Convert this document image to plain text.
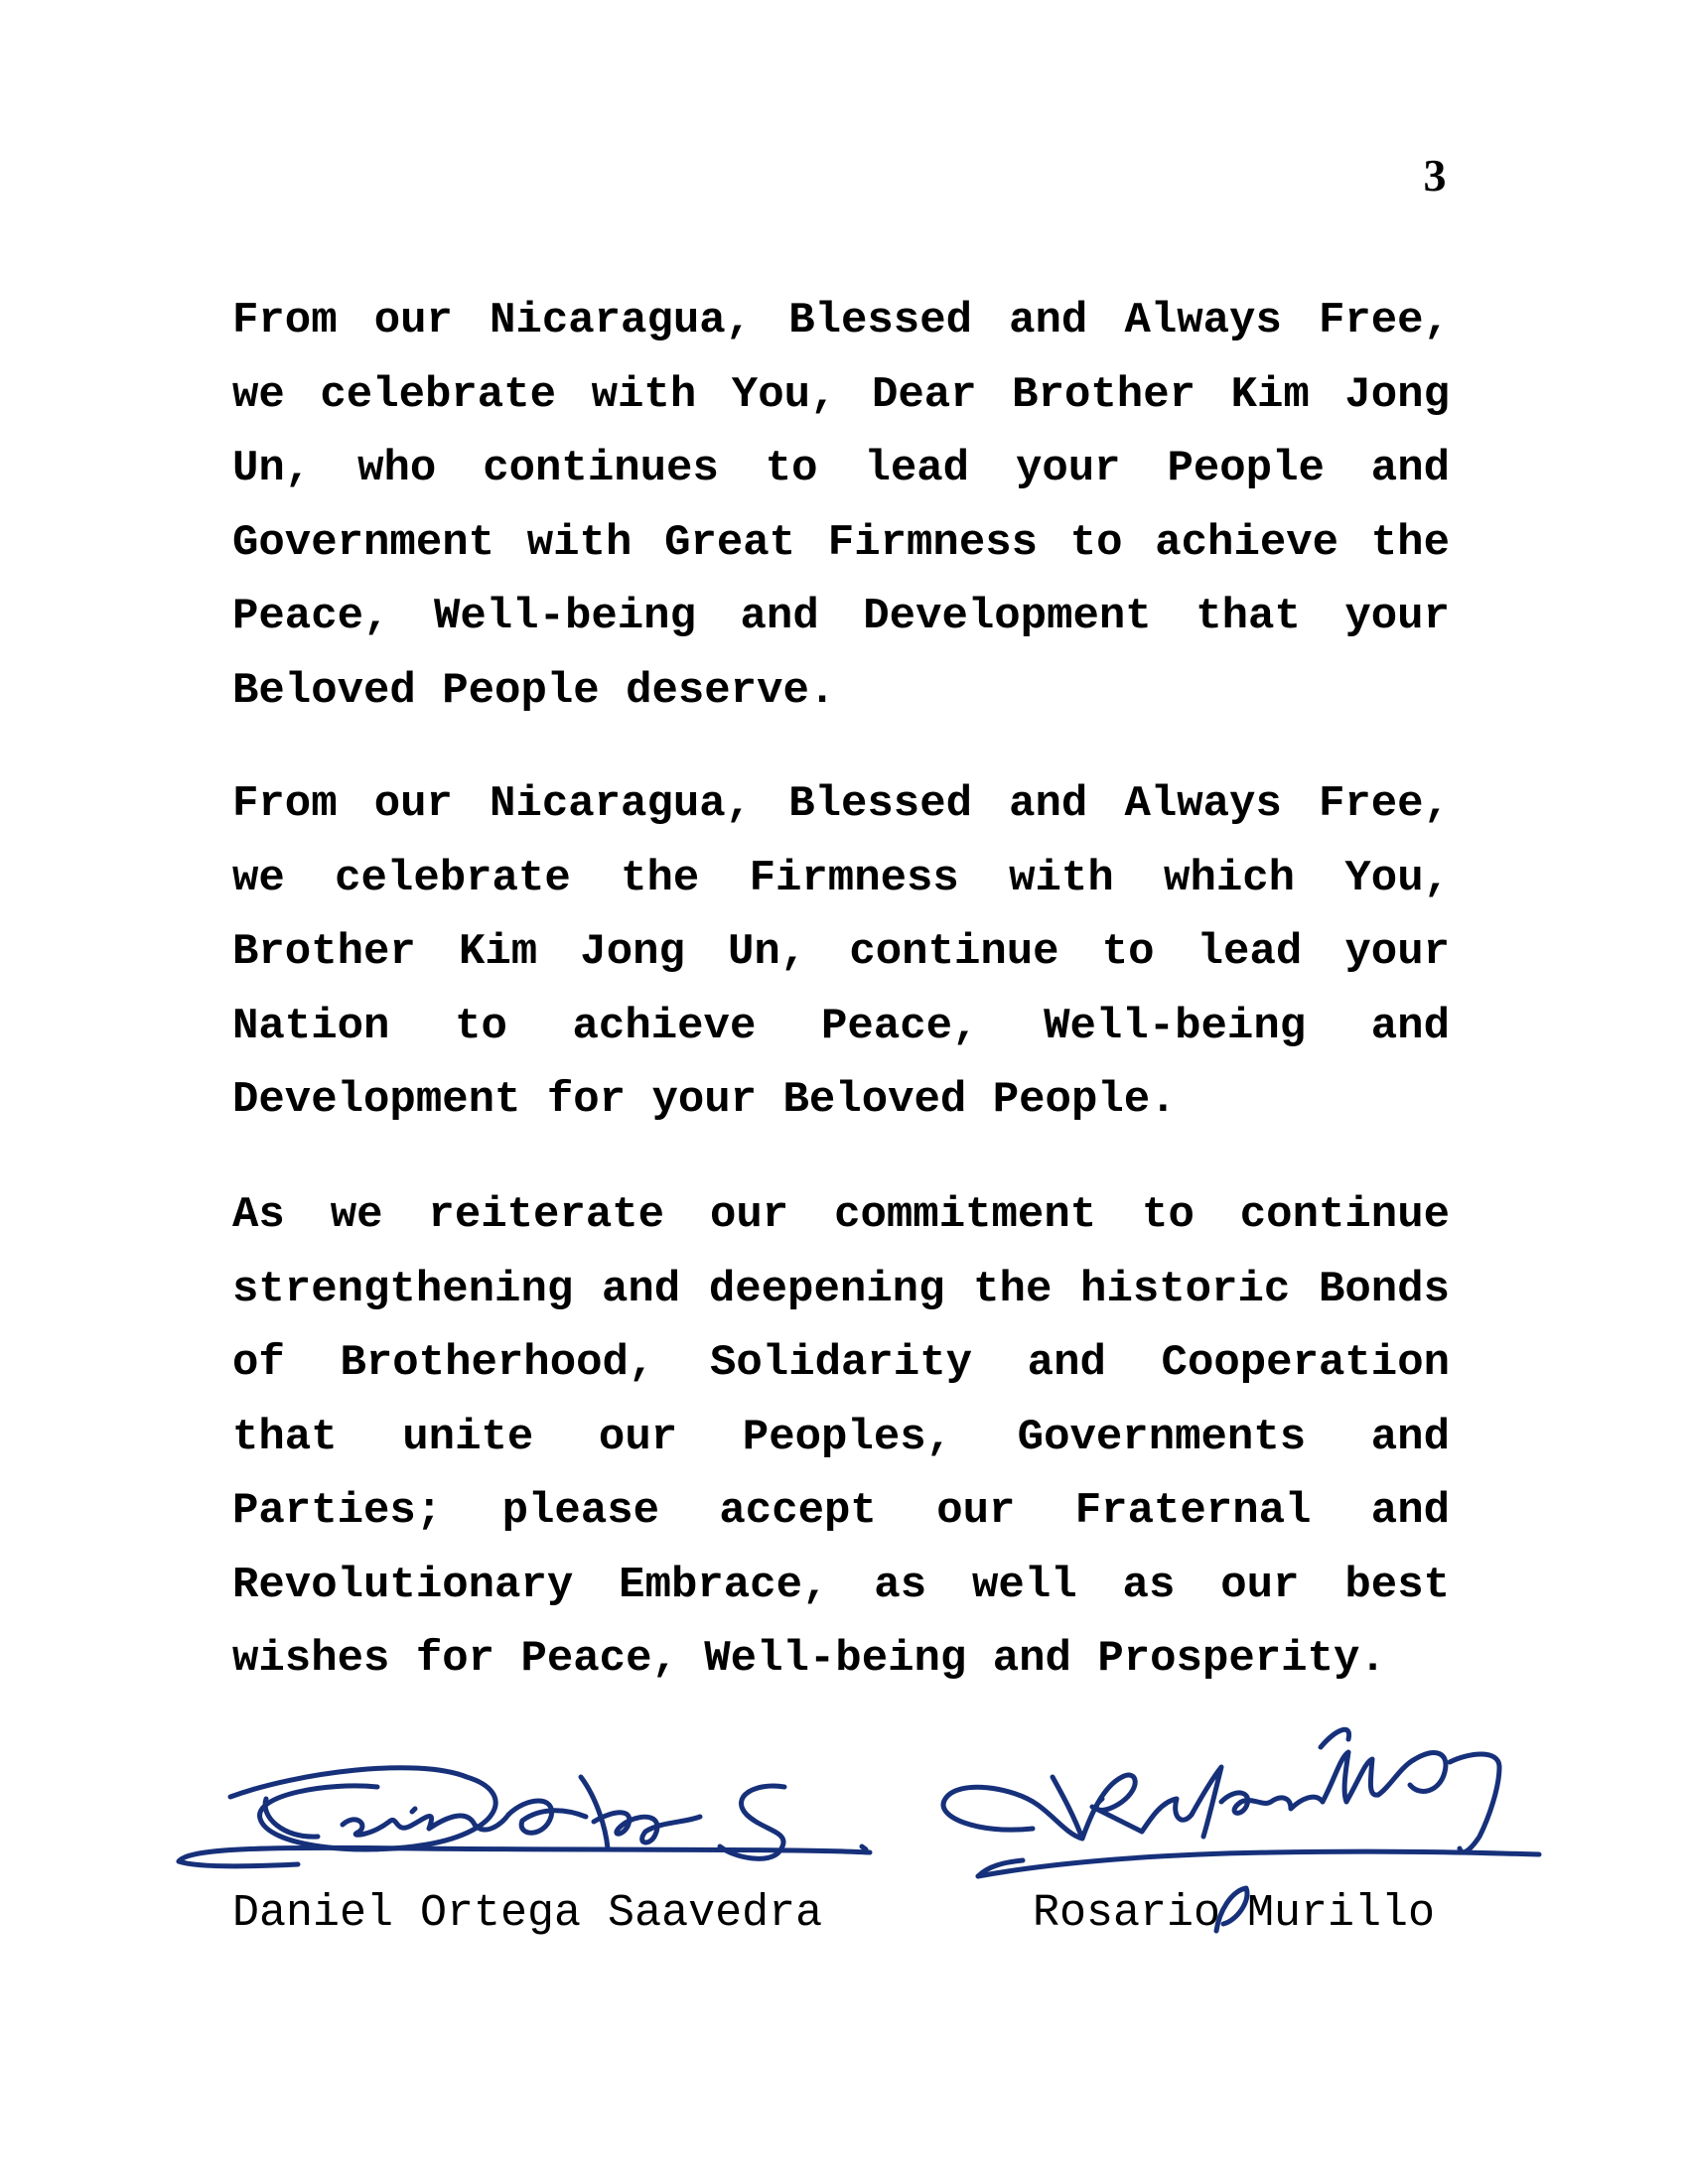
3

From our Nicaragua, Blessed and Always Free, we celebrate with You, Dear Brother Kim Jong Un, who continues to lead your People and Government with Great Firmness to achieve the Peace, Well-being and Development that your Beloved People deserve.

From our Nicaragua, Blessed and Always Free, we celebrate the Firmness with which You, Brother Kim Jong Un, continue to lead your Nation to achieve Peace, Well-being and Development for your Beloved People.

As we reiterate our commitment to continue strengthening and deepening the historic Bonds of Brotherhood, Solidarity and Cooperation that unite our Peoples, Governments and Parties; please accept our Fraternal and Revolutionary Embrace, as well as our best wishes for Peace, Well-being and Prosperity.

Daniel Ortega Saavedra	Rosario Murillo
